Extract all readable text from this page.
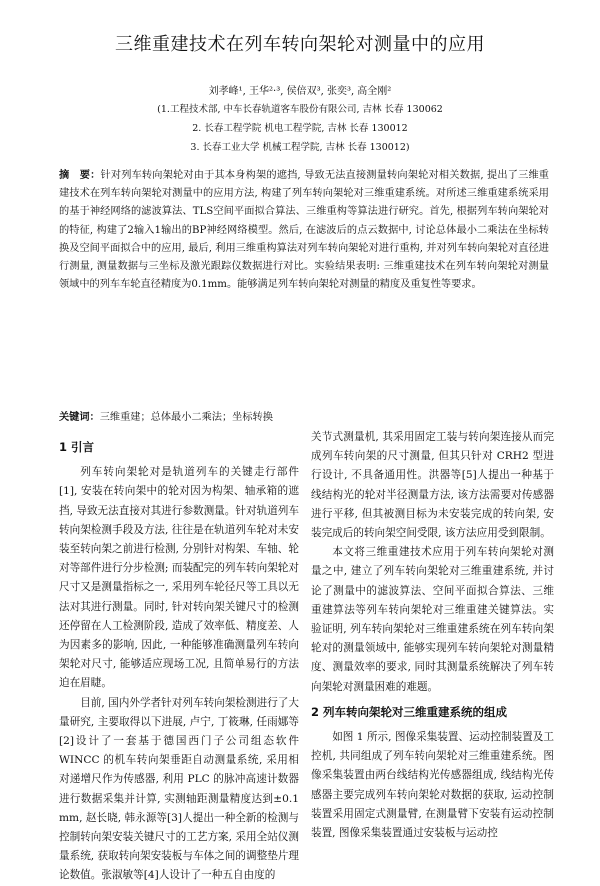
三维重建技术在列车转向架轮对测量中的应用
刘孝峰¹, 王华²·³, 侯倍双³, 张奕³, 高全刚²
(1.工程技术部, 中车长春轨道客车股份有限公司, 吉林 长春 130062
2. 长春工程学院 机电工程学院, 吉林 长春 130012
3. 长春工业大学 机械工程学院, 吉林 长春 130012)
摘　要：针对列车转向架轮对由于其本身构架的遮挡, 导致无法直接测量转向架轮对相关数据, 提出了三维重建技术在列车转向架轮对测量中的应用方法, 构建了列车转向架轮对三维重建系统。对所述三维重建系统采用的基于神经网络的滤波算法、TLS空间平面拟合算法、三维重构等算法进行研究。首先, 根据列车转向架轮对的特征, 构建了2输入1输出的BP神经网络模型。然后, 在滤波后的点云数据中, 讨论总体最小二乘法在坐标转换及空间平面拟合中的应用, 最后, 利用三维重构算法对列车转向架轮对进行重构, 并对列车转向架轮对直径进行测量, 测量数据与三坐标及激光跟踪仪数据进行对比。实验结果表明: 三维重建技术在列车转向架轮对测量领域中的列车车轮直径精度为0.1mm。能够满足列车转向架轮对测量的精度及重复性等要求。
关键词：三维重建；总体最小二乘法；坐标转换
1 引言

列车转向架轮对是轨道列车的关键走行部件[1], 安装在转向架中的轮对因为构架、轴承箱的遮挡, 导致无法直接对其进行参数测量。针对轨道列车转向架检测手段及方法, 往往是在轨道列车轮对未安装至转向架之前进行检测, 分别针对构架、车轴、轮对等部件进行分步检测; 而装配完的列车转向架轮对尺寸又是测量指标之一, 采用列车轮径尺等工具以无法对其进行测量。同时, 针对转向架关键尺寸的检测还停留在人工检测阶段, 造成了效率低、精度差、人为因素多的影响, 因此, 一种能够准确测量列车转向架轮对尺寸, 能够适应现场工况, 且简单易行的方法迫在眉睫。

目前, 国内外学者针对列车转向架检测进行了大量研究, 主要取得以下进展, 卢宁, 丁筱琳, 任雨娜等[2]设计了一套基于德国西门子公司组态软件WINCC 的机车转向架垂距自动测量系统, 采用相对递增尺作为传感器, 利用 PLC 的脉冲高速计数器进行数据采集并计算, 实测轴距测量精度达到±0.1 mm, 赵长晓, 韩永源等[3]人提出一种全新的检测与控制转向架安装关键尺寸的工艺方案, 采用全站仪测量系统, 获取转向架安装板与车体之间的调整垫片理论数值。张淑敏等[4]人设计了一种五自由度的

关节式测量机, 其采用固定工装与转向架连接从而完成列车转向架的尺寸测量, 但其只针对 CRH2 型进行设计, 不具备通用性。洪器等[5]人提出一种基于线结构光的轮对半径测量方法, 该方法需要对传感器进行平移, 但其被测目标为未安装完成的转向架, 安装完成后的转向架空间受限, 该方法应用受到限制。

本文将三维重建技术应用于列车转向架轮对测量之中, 建立了列车转向架轮对三维重建系统, 并讨论了测量中的滤波算法、空间平面拟合算法、三维重建算法等列车转向架轮对三维重建关键算法。实验证明, 列车转向架轮对三维重建系统在列车转向架轮对的测量领域中, 能够实现列车转向架轮对测量精度、测量效率的要求, 同时其测量系统解决了列车转向架轮对测量困难的难题。

2 列车转向架轮对三维重建系统的组成

如图 1 所示, 图像采集装置、运动控制装置及工控机, 共同组成了列车转向架轮对三维重建系统。图像采集装置由两台线结构光传感器组成, 线结构光传感器主要完成列车转向架轮对数据的获取, 运动控制装置采用固定式测量臂, 在测量臂下安装有运动控制装置, 图像采集装置通过安装板与运动控
